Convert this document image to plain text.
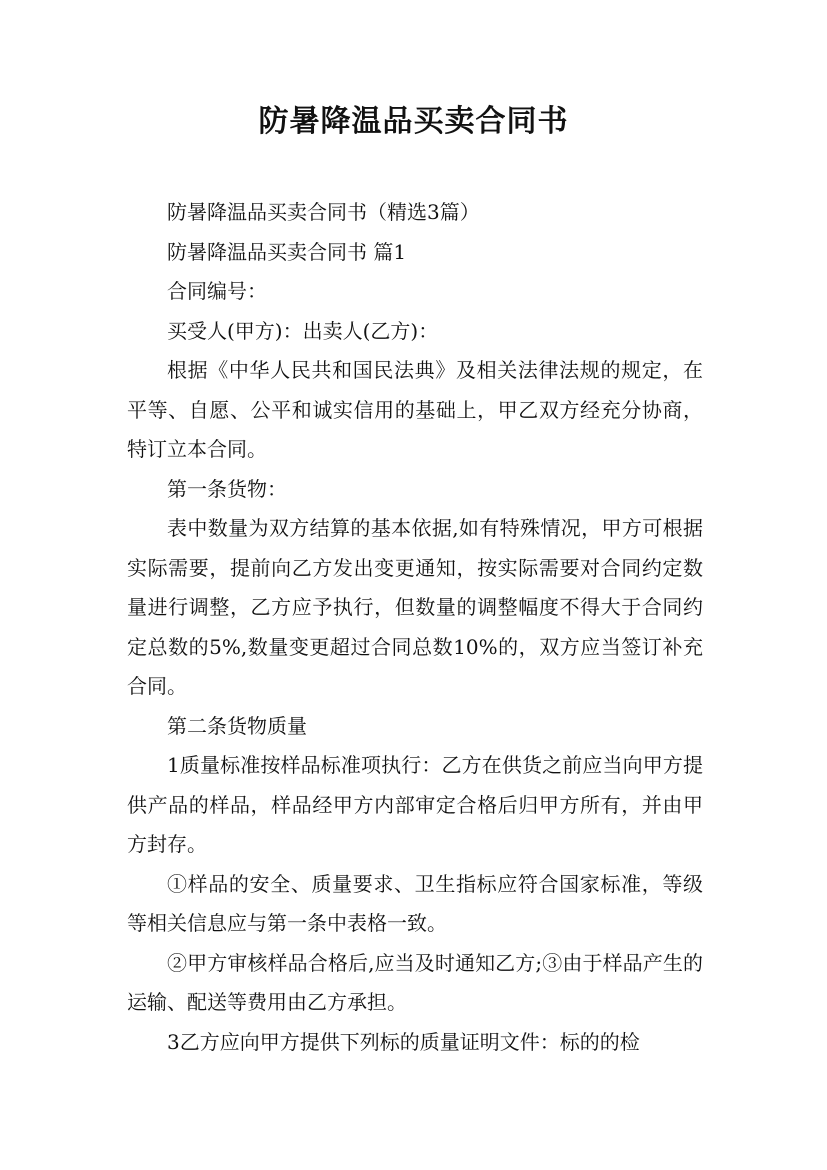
防暑降温品买卖合同书

防暑降温品买卖合同书（精选3篇）

防暑降温品买卖合同书 篇1

合同编号：

买受人(甲方)：出卖人(乙方)：

根据《中华人民共和国民法典》及相关法律法规的规定，在平等、自愿、公平和诚实信用的基础上，甲乙双方经充分协商，特订立本合同。

第一条货物：

表中数量为双方结算的基本依据,如有特殊情况，甲方可根据实际需要，提前向乙方发出变更通知，按实际需要对合同约定数量进行调整，乙方应予执行，但数量的调整幅度不得大于合同约定总数的5%,数量变更超过合同总数10%的，双方应当签订补充合同。

第二条货物质量

1质量标准按样品标准项执行：乙方在供货之前应当向甲方提供产品的样品，样品经甲方内部审定合格后归甲方所有，并由甲方封存。

①样品的安全、质量要求、卫生指标应符合国家标准，等级等相关信息应与第一条中表格一致。

②甲方审核样品合格后,应当及时通知乙方;③由于样品产生的运输、配送等费用由乙方承担。

3乙方应向甲方提供下列标的质量证明文件：标的的检
